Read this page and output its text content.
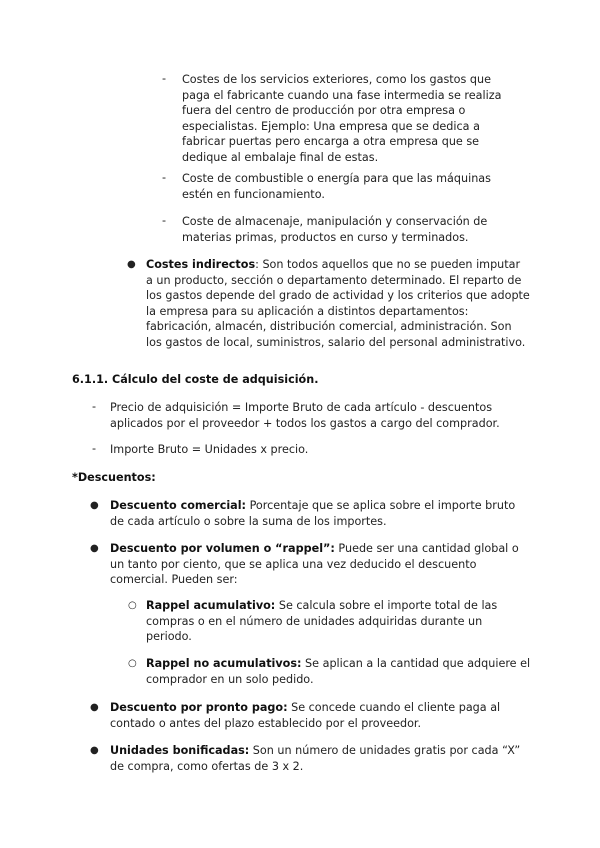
- Costes de los servicios exteriores, como los gastos que paga el fabricante cuando una fase intermedia se realiza fuera del centro de producción por otra empresa o especialistas. Ejemplo: Una empresa que se dedica a fabricar puertas pero encarga a otra empresa que se dedique al embalaje final de estas.
- Coste de combustible o energía para que las máquinas estén en funcionamiento.
- Coste de almacenaje, manipulación y conservación de materias primas, productos en curso y terminados.
● Costes indirectos: Son todos aquellos que no se pueden imputar a un producto, sección o departamento determinado. El reparto de los gastos depende del grado de actividad y los criterios que adopte la empresa para su aplicación a distintos departamentos: fabricación, almacén, distribución comercial, administración. Son los gastos de local, suministros, salario del personal administrativo.
6.1.1. Cálculo del coste de adquisición.
- Precio de adquisición = Importe Bruto de cada artículo - descuentos aplicados por el proveedor + todos los gastos a cargo del comprador.
- Importe Bruto = Unidades x precio.
*Descuentos:
● Descuento comercial: Porcentaje que se aplica sobre el importe bruto de cada artículo o sobre la suma de los importes.
● Descuento por volumen o “rappel”: Puede ser una cantidad global o un tanto por ciento, que se aplica una vez deducido el descuento comercial. Pueden ser:
○ Rappel acumulativo: Se calcula sobre el importe total de las compras o en el número de unidades adquiridas durante un periodo.
○ Rappel no acumulativos: Se aplican a la cantidad que adquiere el comprador en un solo pedido.
● Descuento por pronto pago: Se concede cuando el cliente paga al contado o antes del plazo establecido por el proveedor.
● Unidades bonificadas: Son un número de unidades gratis por cada “X” de compra, como ofertas de 3 x 2.
